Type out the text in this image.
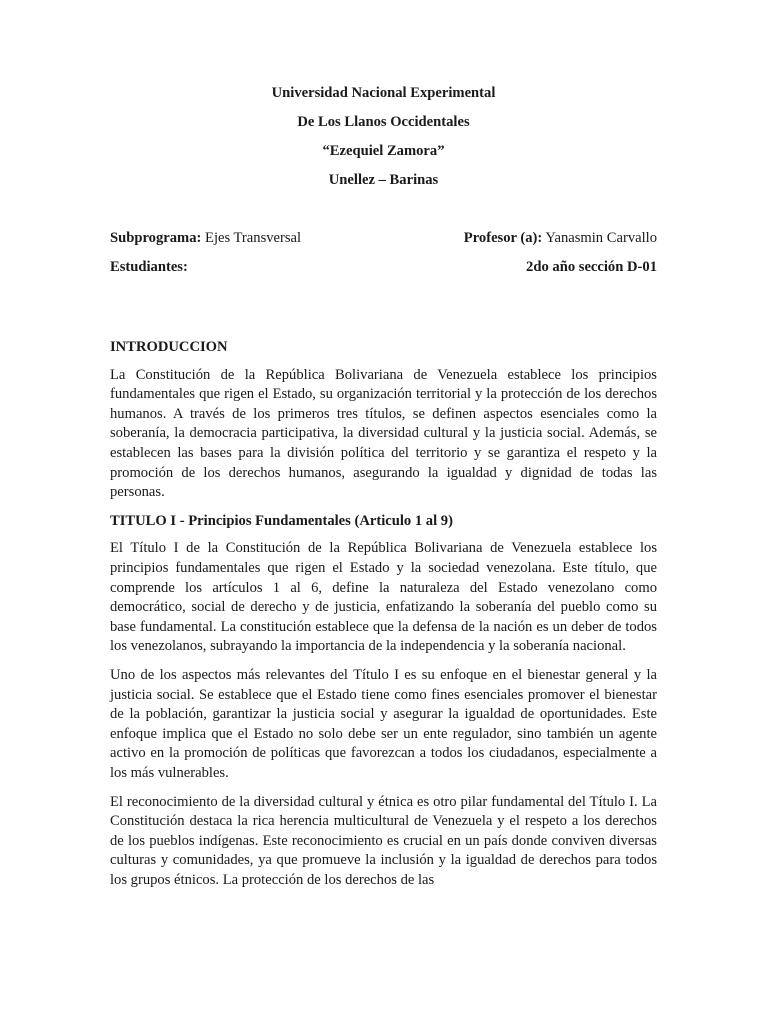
Universidad Nacional Experimental

De Los Llanos Occidentales

“Ezequiel Zamora”

Unellez – Barinas

Subprograma: Ejes Transversal	Profesor (a): Yanasmin Carvallo
Estudiantes:	2do año sección D-01
INTRODUCCION

La Constitución de la República Bolivariana de Venezuela establece los principios fundamentales que rigen el Estado, su organización territorial y la protección de los derechos humanos. A través de los primeros tres títulos, se definen aspectos esenciales como la soberanía, la democracia participativa, la diversidad cultural y la justicia social. Además, se establecen las bases para la división política del territorio y se garantiza el respeto y la promoción de los derechos humanos, asegurando la igualdad y dignidad de todas las personas.

TITULO I - Principios Fundamentales (Articulo 1 al 9)

El Título I de la Constitución de la República Bolivariana de Venezuela establece los principios fundamentales que rigen el Estado y la sociedad venezolana. Este título, que comprende los artículos 1 al 6, define la naturaleza del Estado venezolano como democrático, social de derecho y de justicia, enfatizando la soberanía del pueblo como su base fundamental. La constitución establece que la defensa de la nación es un deber de todos los venezolanos, subrayando la importancia de la independencia y la soberanía nacional.

Uno de los aspectos más relevantes del Título I es su enfoque en el bienestar general y la justicia social. Se establece que el Estado tiene como fines esenciales promover el bienestar de la población, garantizar la justicia social y asegurar la igualdad de oportunidades. Este enfoque implica que el Estado no solo debe ser un ente regulador, sino también un agente activo en la promoción de políticas que favorezcan a todos los ciudadanos, especialmente a los más vulnerables.

El reconocimiento de la diversidad cultural y étnica es otro pilar fundamental del Título I. La Constitución destaca la rica herencia multicultural de Venezuela y el respeto a los derechos de los pueblos indígenas. Este reconocimiento es crucial en un país donde conviven diversas culturas y comunidades, ya que promueve la inclusión y la igualdad de derechos para todos los grupos étnicos. La protección de los derechos de las
